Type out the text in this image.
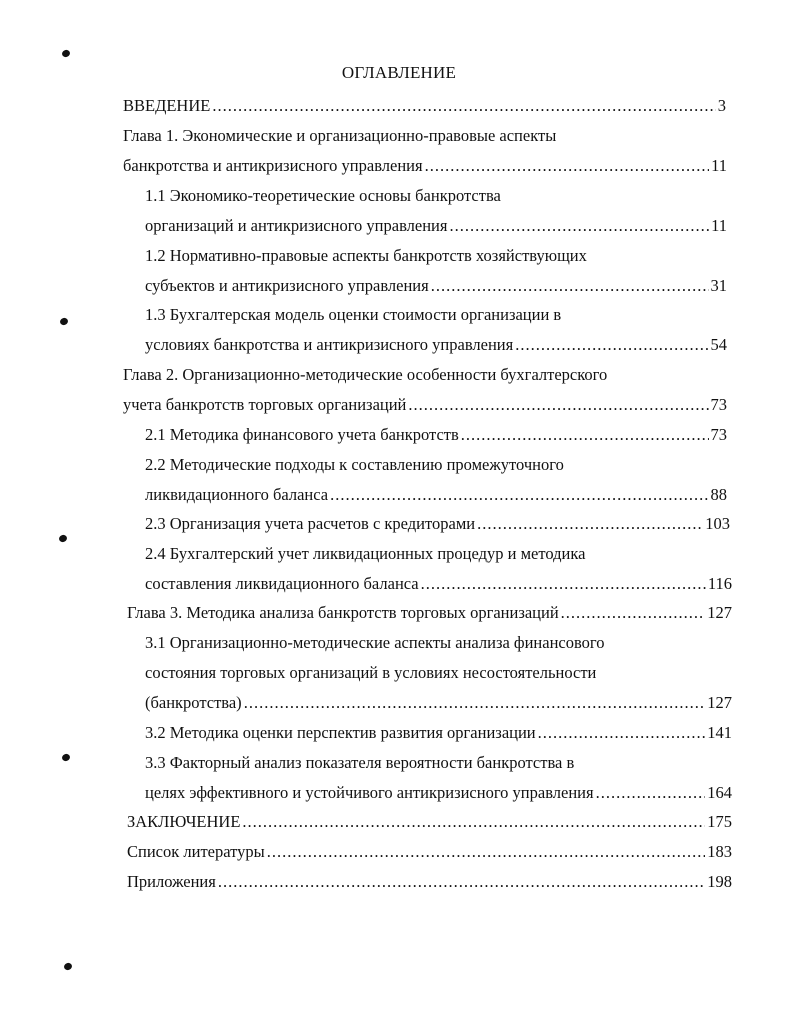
ОГЛАВЛЕНИЕ
ВВЕДЕНИЕ .....	3
Глава 1. Экономические и организационно-правовые аспекты
банкротства и антикризисного управления .....	11
1.1 Экономико-теоретические основы банкротства
организаций и антикризисного управления .....	11
1.2 Нормативно-правовые аспекты банкротств хозяйствующих
субъектов и антикризисного управления .....	31
1.3 Бухгалтерская модель оценки стоимости организации в
условиях банкротства и антикризисного управления .....	54
Глава 2. Организационно-методические особенности бухгалтерского
учета банкротств торговых организаций .....	73
2.1 Методика финансового учета банкротств .....	73
2.2 Методические подходы к составлению промежуточного
ликвидационного баланса .....	88
2.3 Организация учета расчетов с кредиторами .....	103
2.4 Бухгалтерский учет ликвидационных процедур и методика
составления ликвидационного баланса .....	116
Глава 3. Методика анализа банкротств торговых организаций .....	127
3.1 Организационно-методические аспекты анализа финансового
состояния торговых организаций в условиях несостоятельности
(банкротства) .....	127
3.2 Методика оценки перспектив развития организации .....	141
3.3 Факторный анализ показателя вероятности банкротства в
целях эффективного и устойчивого антикризисного управления .....	164
ЗАКЛЮЧЕНИЕ .....	175
Список литературы .....	183
Приложения .....	198
